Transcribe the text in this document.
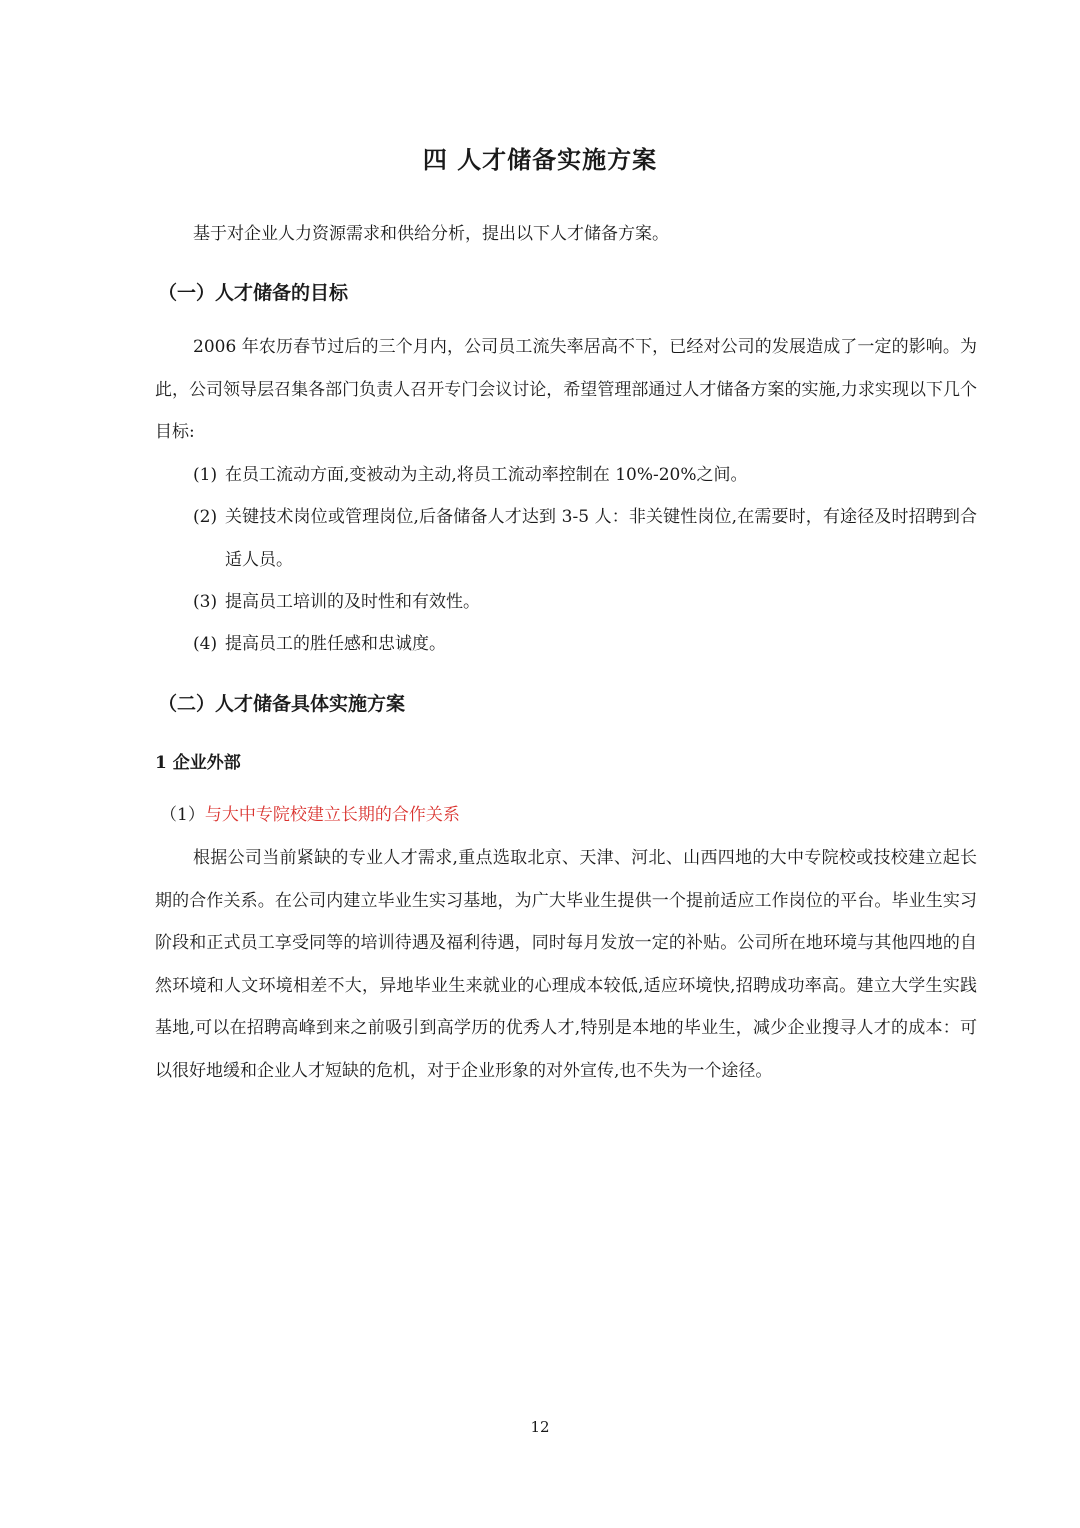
四 人才储备实施方案

基于对企业人力资源需求和供给分析，提出以下人才储备方案。

（一）人才储备的目标

2006 年农历春节过后的三个月内，公司员工流失率居高不下，已经对公司的发展造成了一定的影响。为此，公司领导层召集各部门负责人召开专门会议讨论，希望管理部通过人才储备方案的实施,力求实现以下几个目标:

(1) 在员工流动方面,变被动为主动,将员工流动率控制在 10%-20%之间。
(2) 关键技术岗位或管理岗位,后备储备人才达到 3-5 人：非关键性岗位,在需要时，有途径及时招聘到合适人员。
(3) 提高员工培训的及时性和有效性。
(4) 提高员工的胜任感和忠诚度。
（二）人才储备具体实施方案
1 企业外部

（1）与大中专院校建立长期的合作关系

根据公司当前紧缺的专业人才需求,重点选取北京、天津、河北、山西四地的大中专院校或技校建立起长期的合作关系。在公司内建立毕业生实习基地，为广大毕业生提供一个提前适应工作岗位的平台。毕业生实习阶段和正式员工享受同等的培训待遇及福利待遇，同时每月发放一定的补贴。公司所在地环境与其他四地的自然环境和人文环境相差不大，异地毕业生来就业的心理成本较低,适应环境快,招聘成功率高。建立大学生实践基地,可以在招聘高峰到来之前吸引到高学历的优秀人才,特别是本地的毕业生，减少企业搜寻人才的成本：可以很好地缓和企业人才短缺的危机，对于企业形象的对外宣传,也不失为一个途径。

12
